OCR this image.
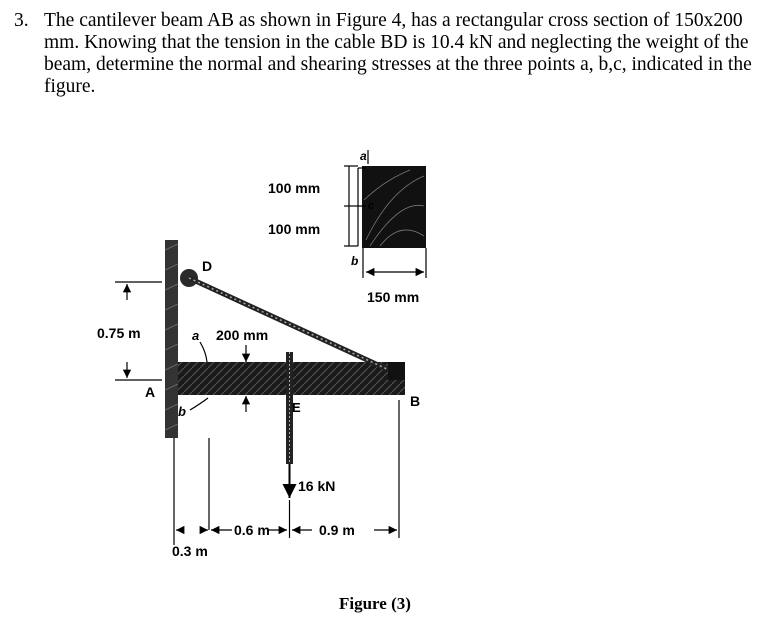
3. The cantilever beam AB as shown in Figure 4, has a rectangular cross section of 150x200 mm. Knowing that the tension in the cable BD is 10.4 kN and neglecting the weight of the beam, determine the normal and shearing stresses at the three points a, b,c, indicated in the figure.
a
c
b
100 mm
100 mm
150 mm
0.75 m
D
A
B
E
a 200 mm
b
16 kN
0.6 m	0.9 m
0.3 m
Figure (3)
